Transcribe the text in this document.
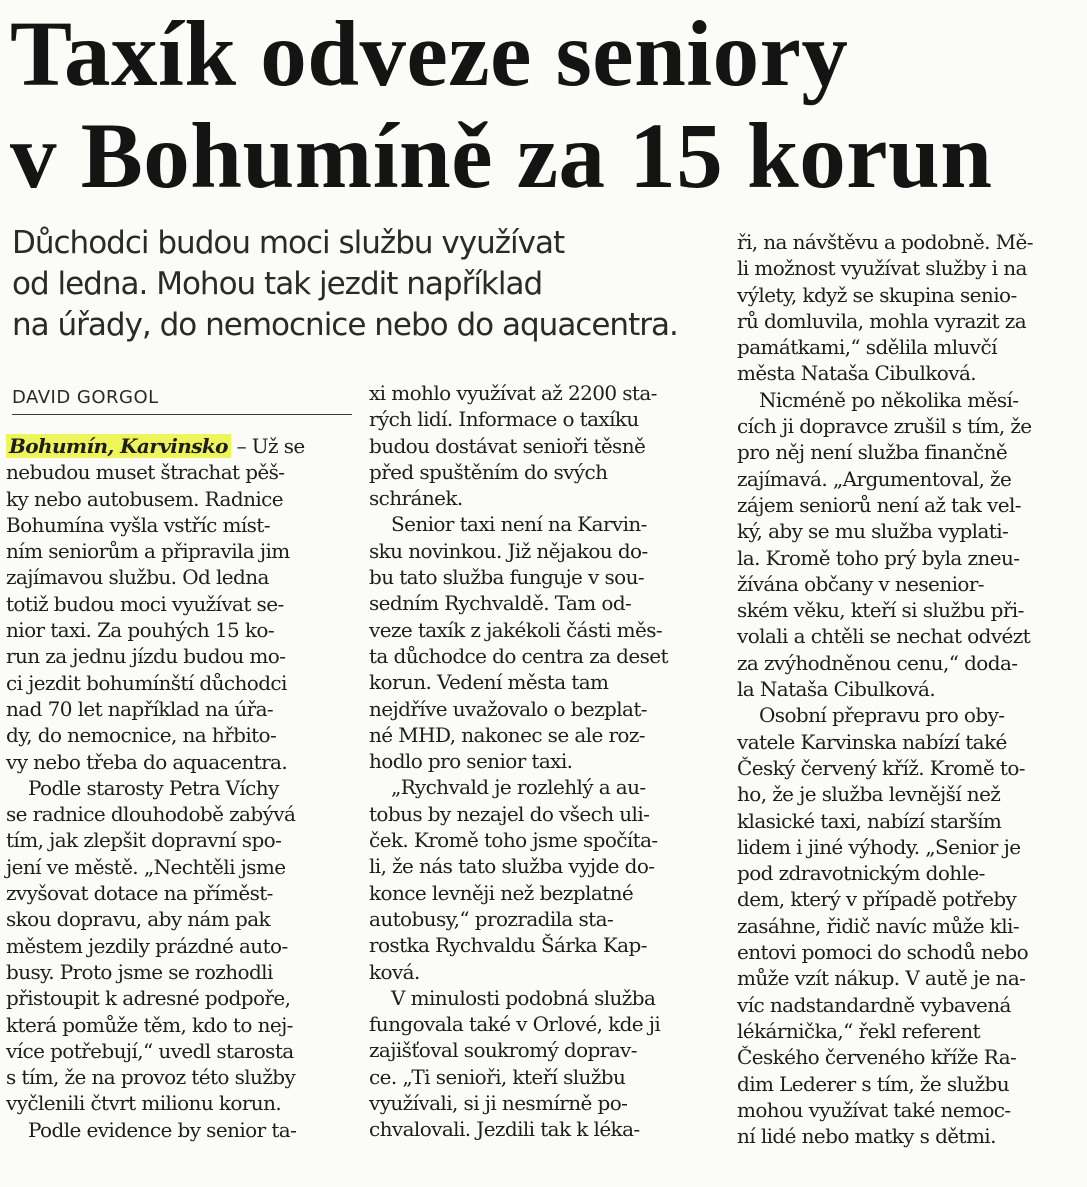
Taxík odveze seniory
v Bohumíně za 15 korun
Důchodci budou moci službu využívat
od ledna. Mohou tak jezdit například
na úřady, do nemocnice nebo do aquacentra.
DAVID GORGOL

Bohumín, Karvinsko – Už se
nebudou muset štrachat pěš-
ky nebo autobusem. Radnice
Bohumína vyšla vstříc míst-
ním seniorům a připravila jim
zajímavou službu. Od ledna
totiž budou moci využívat se-
nior taxi. Za pouhých 15 ko-
run za jednu jízdu budou mo-
ci jezdit bohumínští důchodci
nad 70 let například na úřa-
dy, do nemocnice, na hřbito-
vy nebo třeba do aquacentra.
Podle starosty Petra Víchy
se radnice dlouhodobě zabývá
tím, jak zlepšit dopravní spo-
jení ve městě. „Nechtěli jsme
zvyšovat dotace na příměst-
skou dopravu, aby nám pak
městem jezdily prázdné auto-
busy. Proto jsme se rozhodli
přistoupit k adresné podpoře,
která pomůže těm, kdo to nej-
více potřebují,“ uvedl starosta
s tím, že na provoz této služby
vyčlenili čtvrt milionu korun.
Podle evidence by senior ta-

xi mohlo využívat až 2200 sta-
rých lidí. Informace o taxíku
budou dostávat senioři těsně
před spuštěním do svých
schránek.
Senior taxi není na Karvin-
sku novinkou. Již nějakou do-
bu tato služba funguje v sou-
sedním Rychvaldě. Tam od-
veze taxík z jakékoli části měs-
ta důchodce do centra za deset
korun. Vedení města tam
nejdříve uvažovalo o bezplat-
né MHD, nakonec se ale roz-
hodlo pro senior taxi.
„Rychvald je rozlehlý a au-
tobus by nezajel do všech uli-
ček. Kromě toho jsme spočíta-
li, že nás tato služba vyjde do-
konce levněji než bezplatné
autobusy,“ prozradila sta-
rostka Rychvaldu Šárka Kap-
ková.
V minulosti podobná služba
fungovala také v Orlové, kde ji
zajišťoval soukromý doprav-
ce. „Ti senioři, kteří službu
využívali, si ji nesmírně po-
chvalovali. Jezdili tak k léka-

ři, na návštěvu a podobně. Mě-
li možnost využívat služby i na
výlety, když se skupina senio-
rů domluvila, mohla vyrazit za
památkami,“ sdělila mluvčí
města Nataša Cibulková.
Nicméně po několika měsí-
cích ji dopravce zrušil s tím, že
pro něj není služba finančně
zajímavá. „Argumentoval, že
zájem seniorů není až tak vel-
ký, aby se mu služba vyplati-
la. Kromě toho prý byla zneu-
žívána občany v nesenior-
ském věku, kteří si službu při-
volali a chtěli se nechat odvézt
za zvýhodněnou cenu,“ doda-
la Nataša Cibulková.
Osobní přepravu pro oby-
vatele Karvinska nabízí také
Český červený kříž. Kromě to-
ho, že je služba levnější než
klasické taxi, nabízí starším
lidem i jiné výhody. „Senior je
pod zdravotnickým dohle-
dem, který v případě potřeby
zasáhne, řidič navíc může kli-
entovi pomoci do schodů nebo
může vzít nákup. V autě je na-
víc nadstandardně vybavená
lékárnička,“ řekl referent
Českého červeného kříže Ra-
dim Lederer s tím, že službu
mohou využívat také nemoc-
ní lidé nebo matky s dětmi.
